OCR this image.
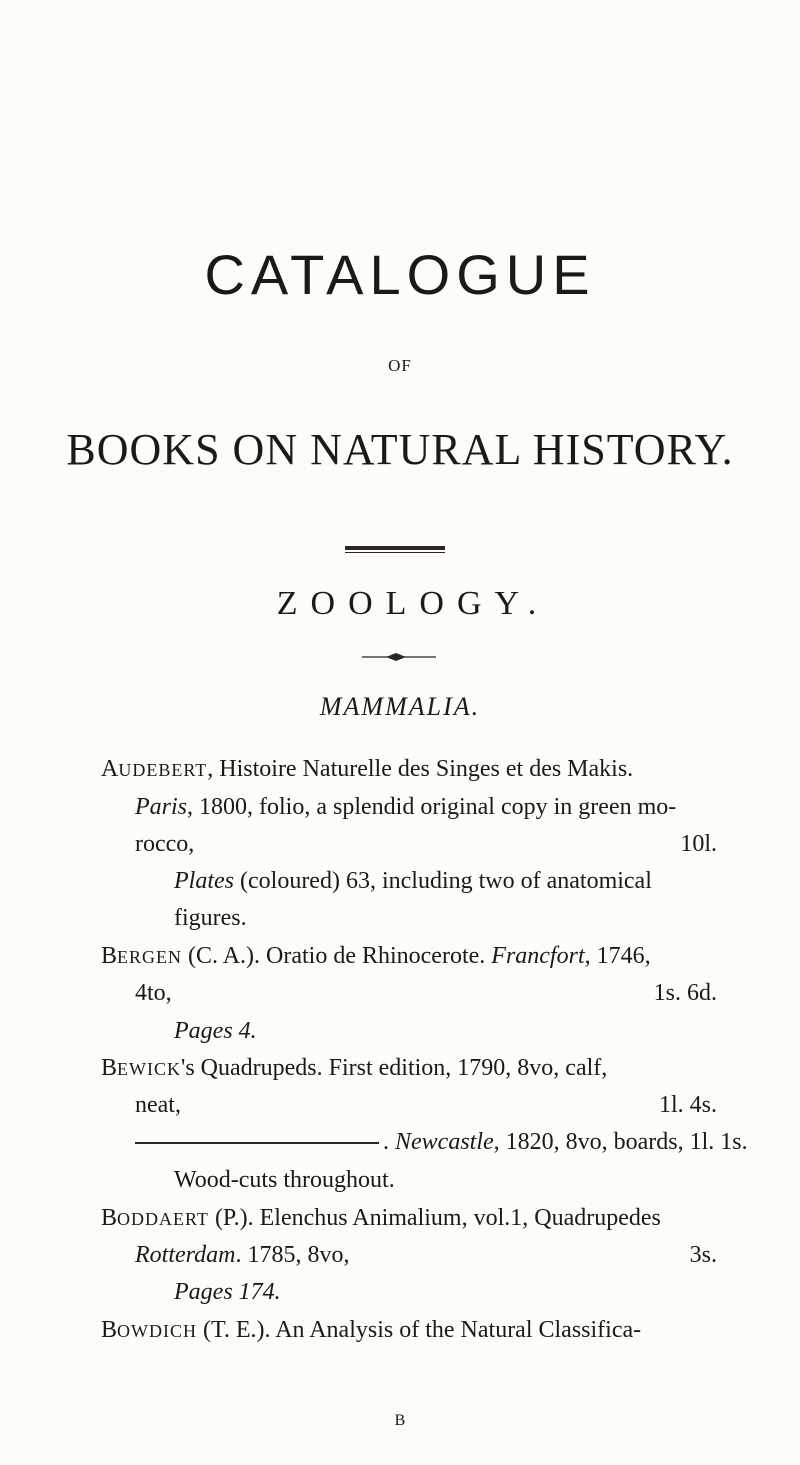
CATALOGUE
OF
BOOKS ON NATURAL HISTORY.
ZOOLOGY.
MAMMALIA.
AUDEBERT, Histoire Naturelle des Singes et des Makis.
Paris, 1800, folio, a splendid original copy in green mo-
rocco,	10l.
Plates (coloured) 63, including two of anatomical
figures.
BERGEN (C. A.). Oratio de Rhinocerote. Francfort, 1746,
4to,	1s. 6d.
Pages 4.
BEWICK's Quadrupeds. First edition, 1790, 8vo, calf,
neat,	1l. 4s.
. Newcastle, 1820, 8vo, boards, 1l. 1s.
Wood-cuts throughout.
BODDAERT (P.). Elenchus Animalium, vol.1, Quadrupedes
Rotterdam. 1785, 8vo,	3s.
Pages 174.
BOWDICH (T. E.). An Analysis of the Natural Classifica-
B
